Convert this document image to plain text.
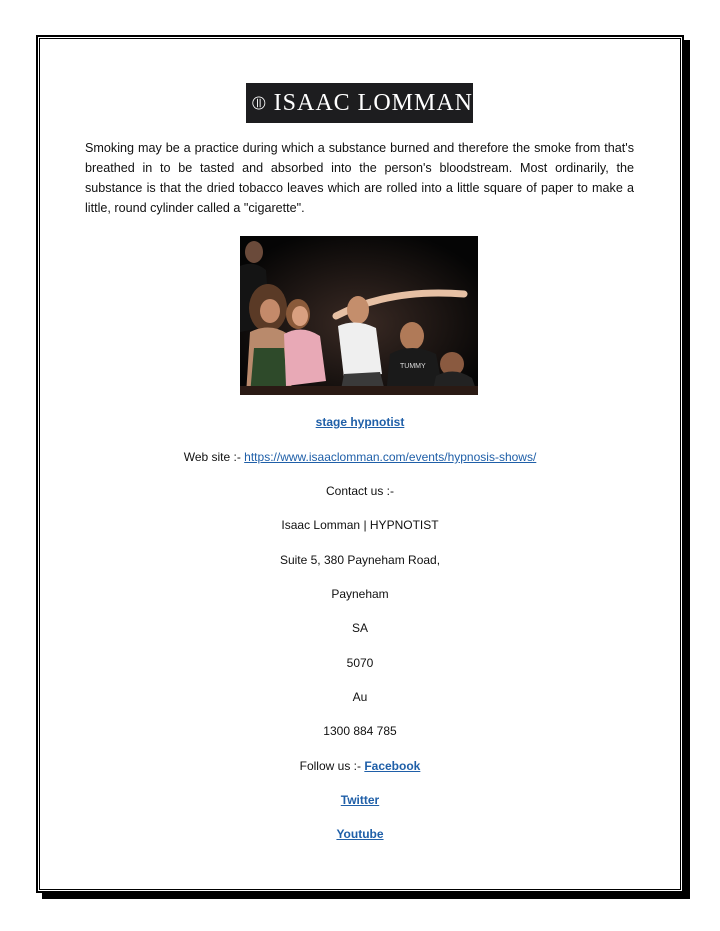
ISAAC LOMMAN
Smoking may be a practice during which a substance burned and therefore the smoke from that's breathed in to be tasted and absorbed into the person's bloodstream. Most ordinarily, the substance is that the dried tobacco leaves which are rolled into a little square of paper to make a little, round cylinder called a "cigarette".
TUMMY
stage hypnotist
Web site :- https://www.isaaclomman.com/events/hypnosis-shows/
Contact us :-
Isaac Lomman | HYPNOTIST
Suite 5, 380 Payneham Road,
Payneham
SA
5070
Au
1300 884 785
Follow us :- Facebook
Twitter
Youtube
